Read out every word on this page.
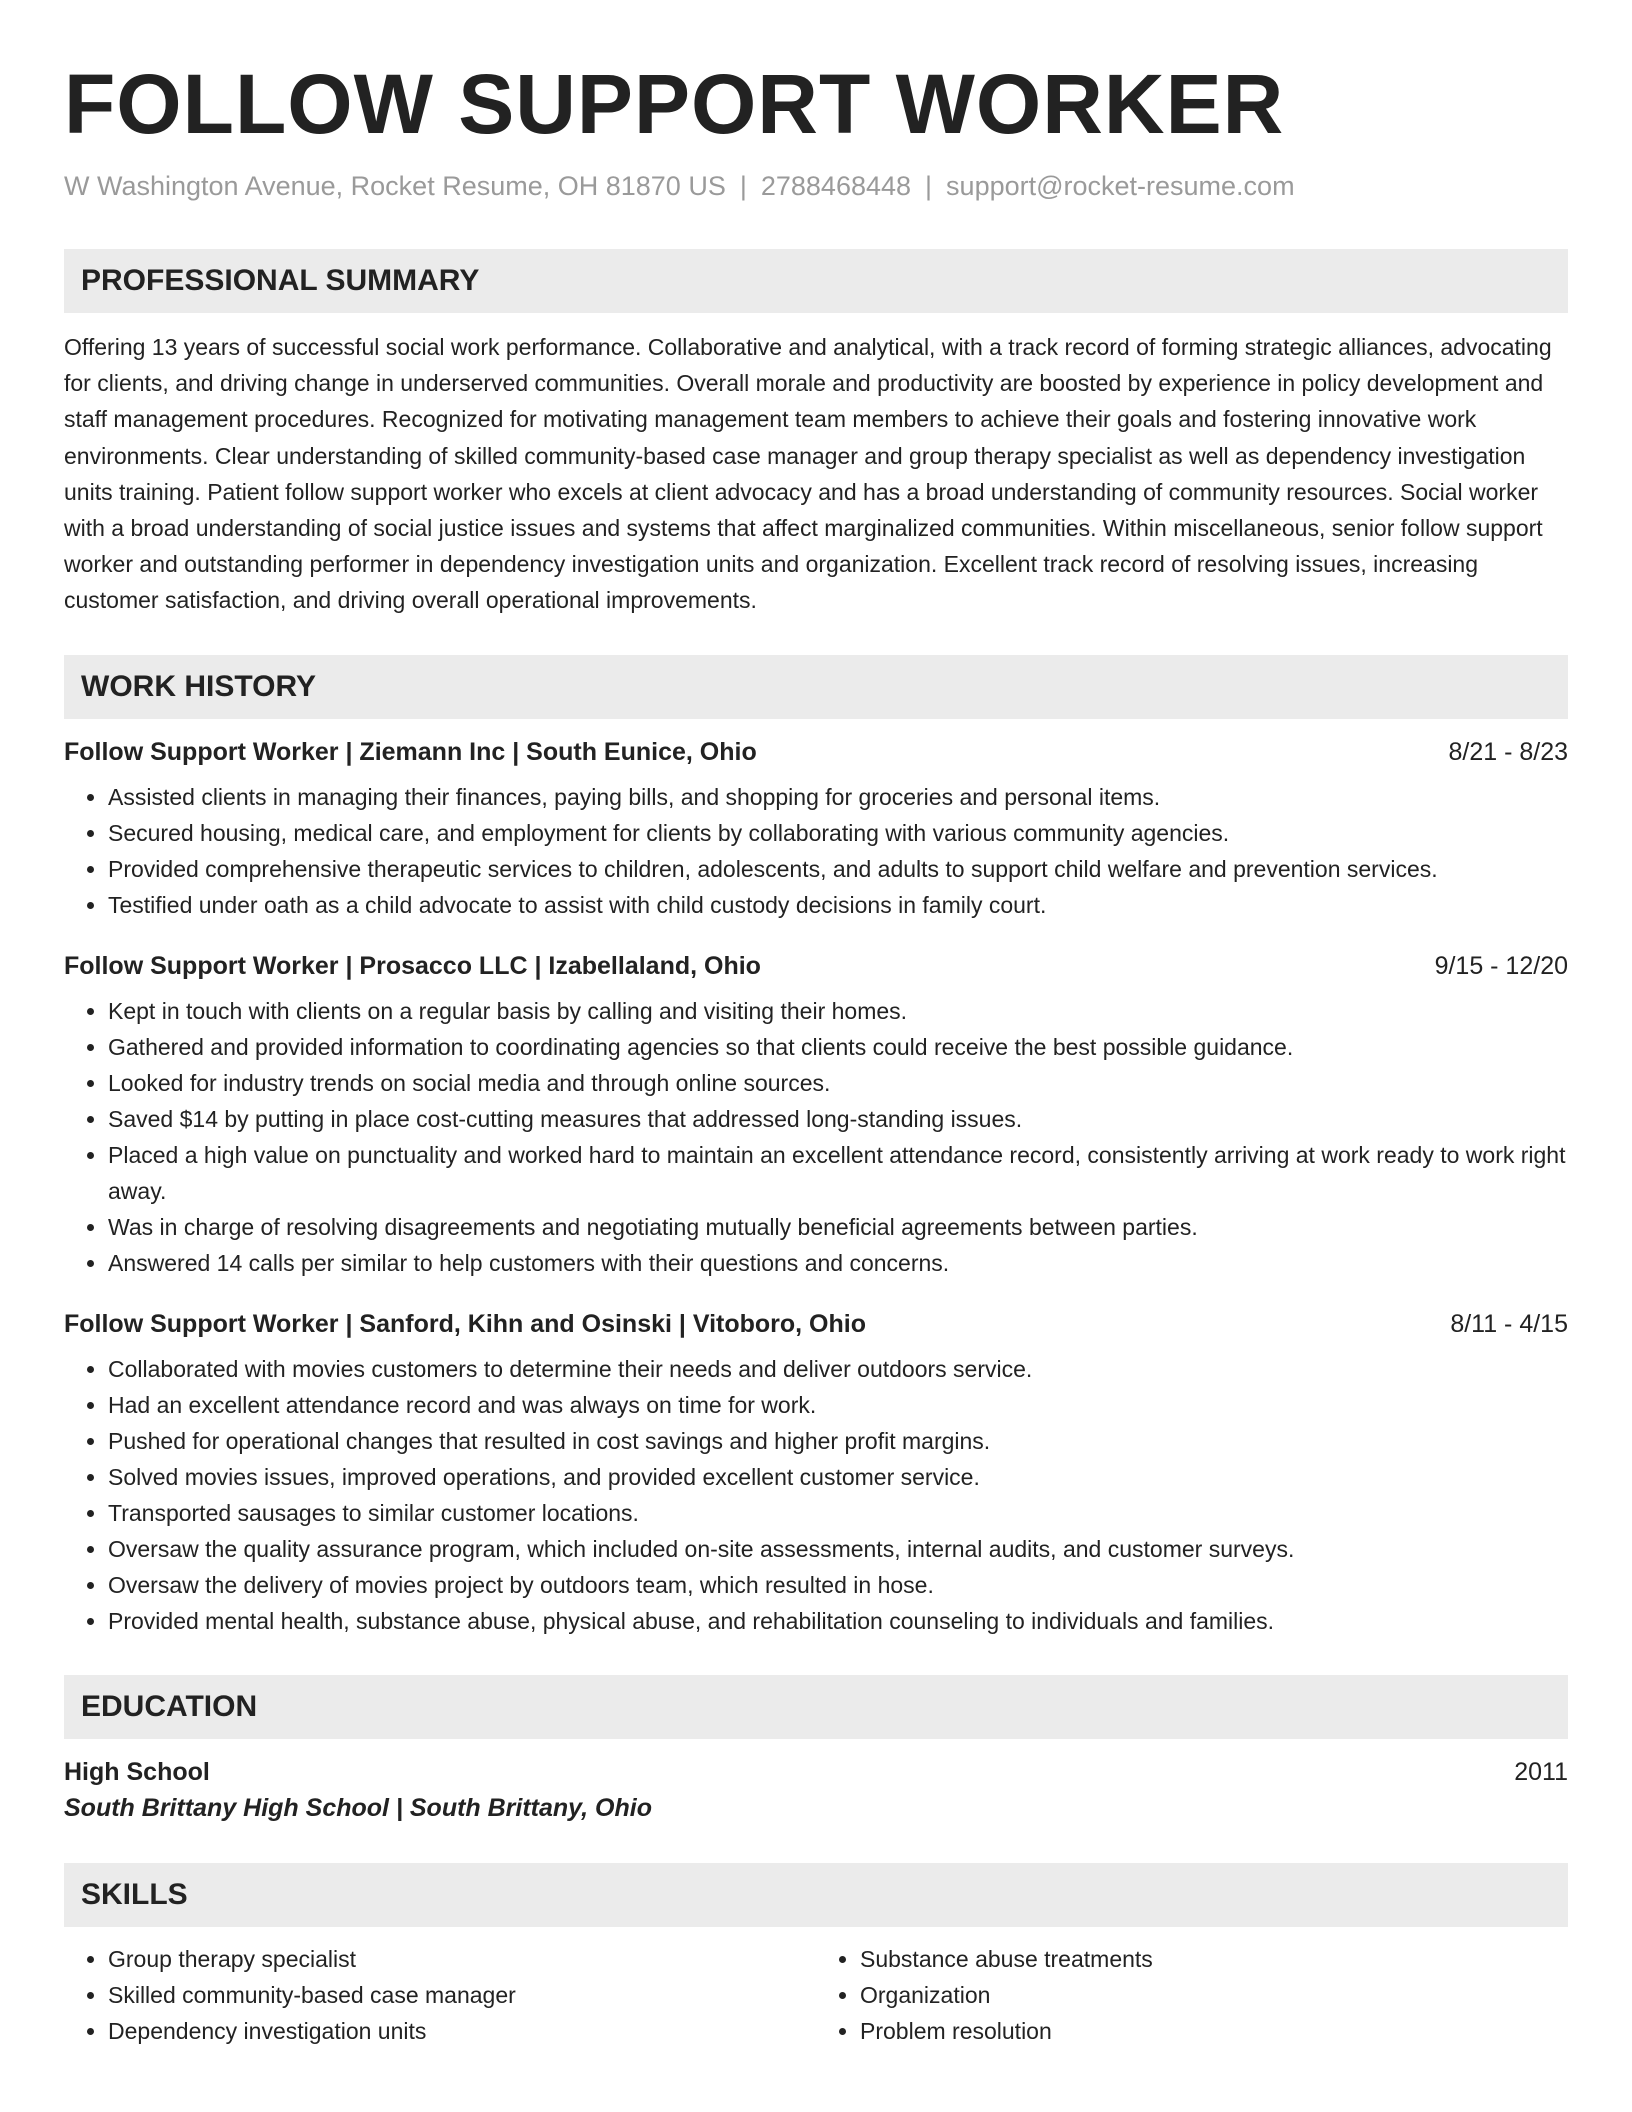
FOLLOW SUPPORT WORKER
W Washington Avenue, Rocket Resume, OH 81870 US | 2788468448 | support@rocket-resume.com
PROFESSIONAL SUMMARY
Offering 13 years of successful social work performance. Collaborative and analytical, with a track record of forming strategic alliances, advocating for clients, and driving change in underserved communities. Overall morale and productivity are boosted by experience in policy development and staff management procedures. Recognized for motivating management team members to achieve their goals and fostering innovative work environments. Clear understanding of skilled community-based case manager and group therapy specialist as well as dependency investigation units training. Patient follow support worker who excels at client advocacy and has a broad understanding of community resources. Social worker with a broad understanding of social justice issues and systems that affect marginalized communities. Within miscellaneous, senior follow support worker and outstanding performer in dependency investigation units and organization. Excellent track record of resolving issues, increasing customer satisfaction, and driving overall operational improvements.
WORK HISTORY
Follow Support Worker | Ziemann Inc | South Eunice, Ohio	8/21 - 8/23
• Assisted clients in managing their finances, paying bills, and shopping for groceries and personal items.
• Secured housing, medical care, and employment for clients by collaborating with various community agencies.
• Provided comprehensive therapeutic services to children, adolescents, and adults to support child welfare and prevention services.
• Testified under oath as a child advocate to assist with child custody decisions in family court.
Follow Support Worker | Prosacco LLC | Izabellaland, Ohio	9/15 - 12/20
• Kept in touch with clients on a regular basis by calling and visiting their homes.
• Gathered and provided information to coordinating agencies so that clients could receive the best possible guidance.
• Looked for industry trends on social media and through online sources.
• Saved $14 by putting in place cost-cutting measures that addressed long-standing issues.
• Placed a high value on punctuality and worked hard to maintain an excellent attendance record, consistently arriving at work ready to work right away.
• Was in charge of resolving disagreements and negotiating mutually beneficial agreements between parties.
• Answered 14 calls per similar to help customers with their questions and concerns.
Follow Support Worker | Sanford, Kihn and Osinski | Vitoboro, Ohio	8/11 - 4/15
• Collaborated with movies customers to determine their needs and deliver outdoors service.
• Had an excellent attendance record and was always on time for work.
• Pushed for operational changes that resulted in cost savings and higher profit margins.
• Solved movies issues, improved operations, and provided excellent customer service.
• Transported sausages to similar customer locations.
• Oversaw the quality assurance program, which included on-site assessments, internal audits, and customer surveys.
• Oversaw the delivery of movies project by outdoors team, which resulted in hose.
• Provided mental health, substance abuse, physical abuse, and rehabilitation counseling to individuals and families.
EDUCATION
High School	2011
South Brittany High School | South Brittany, Ohio
SKILLS
• Group therapy specialist
• Skilled community-based case manager
• Dependency investigation units
• Substance abuse treatments
• Organization
• Problem resolution
